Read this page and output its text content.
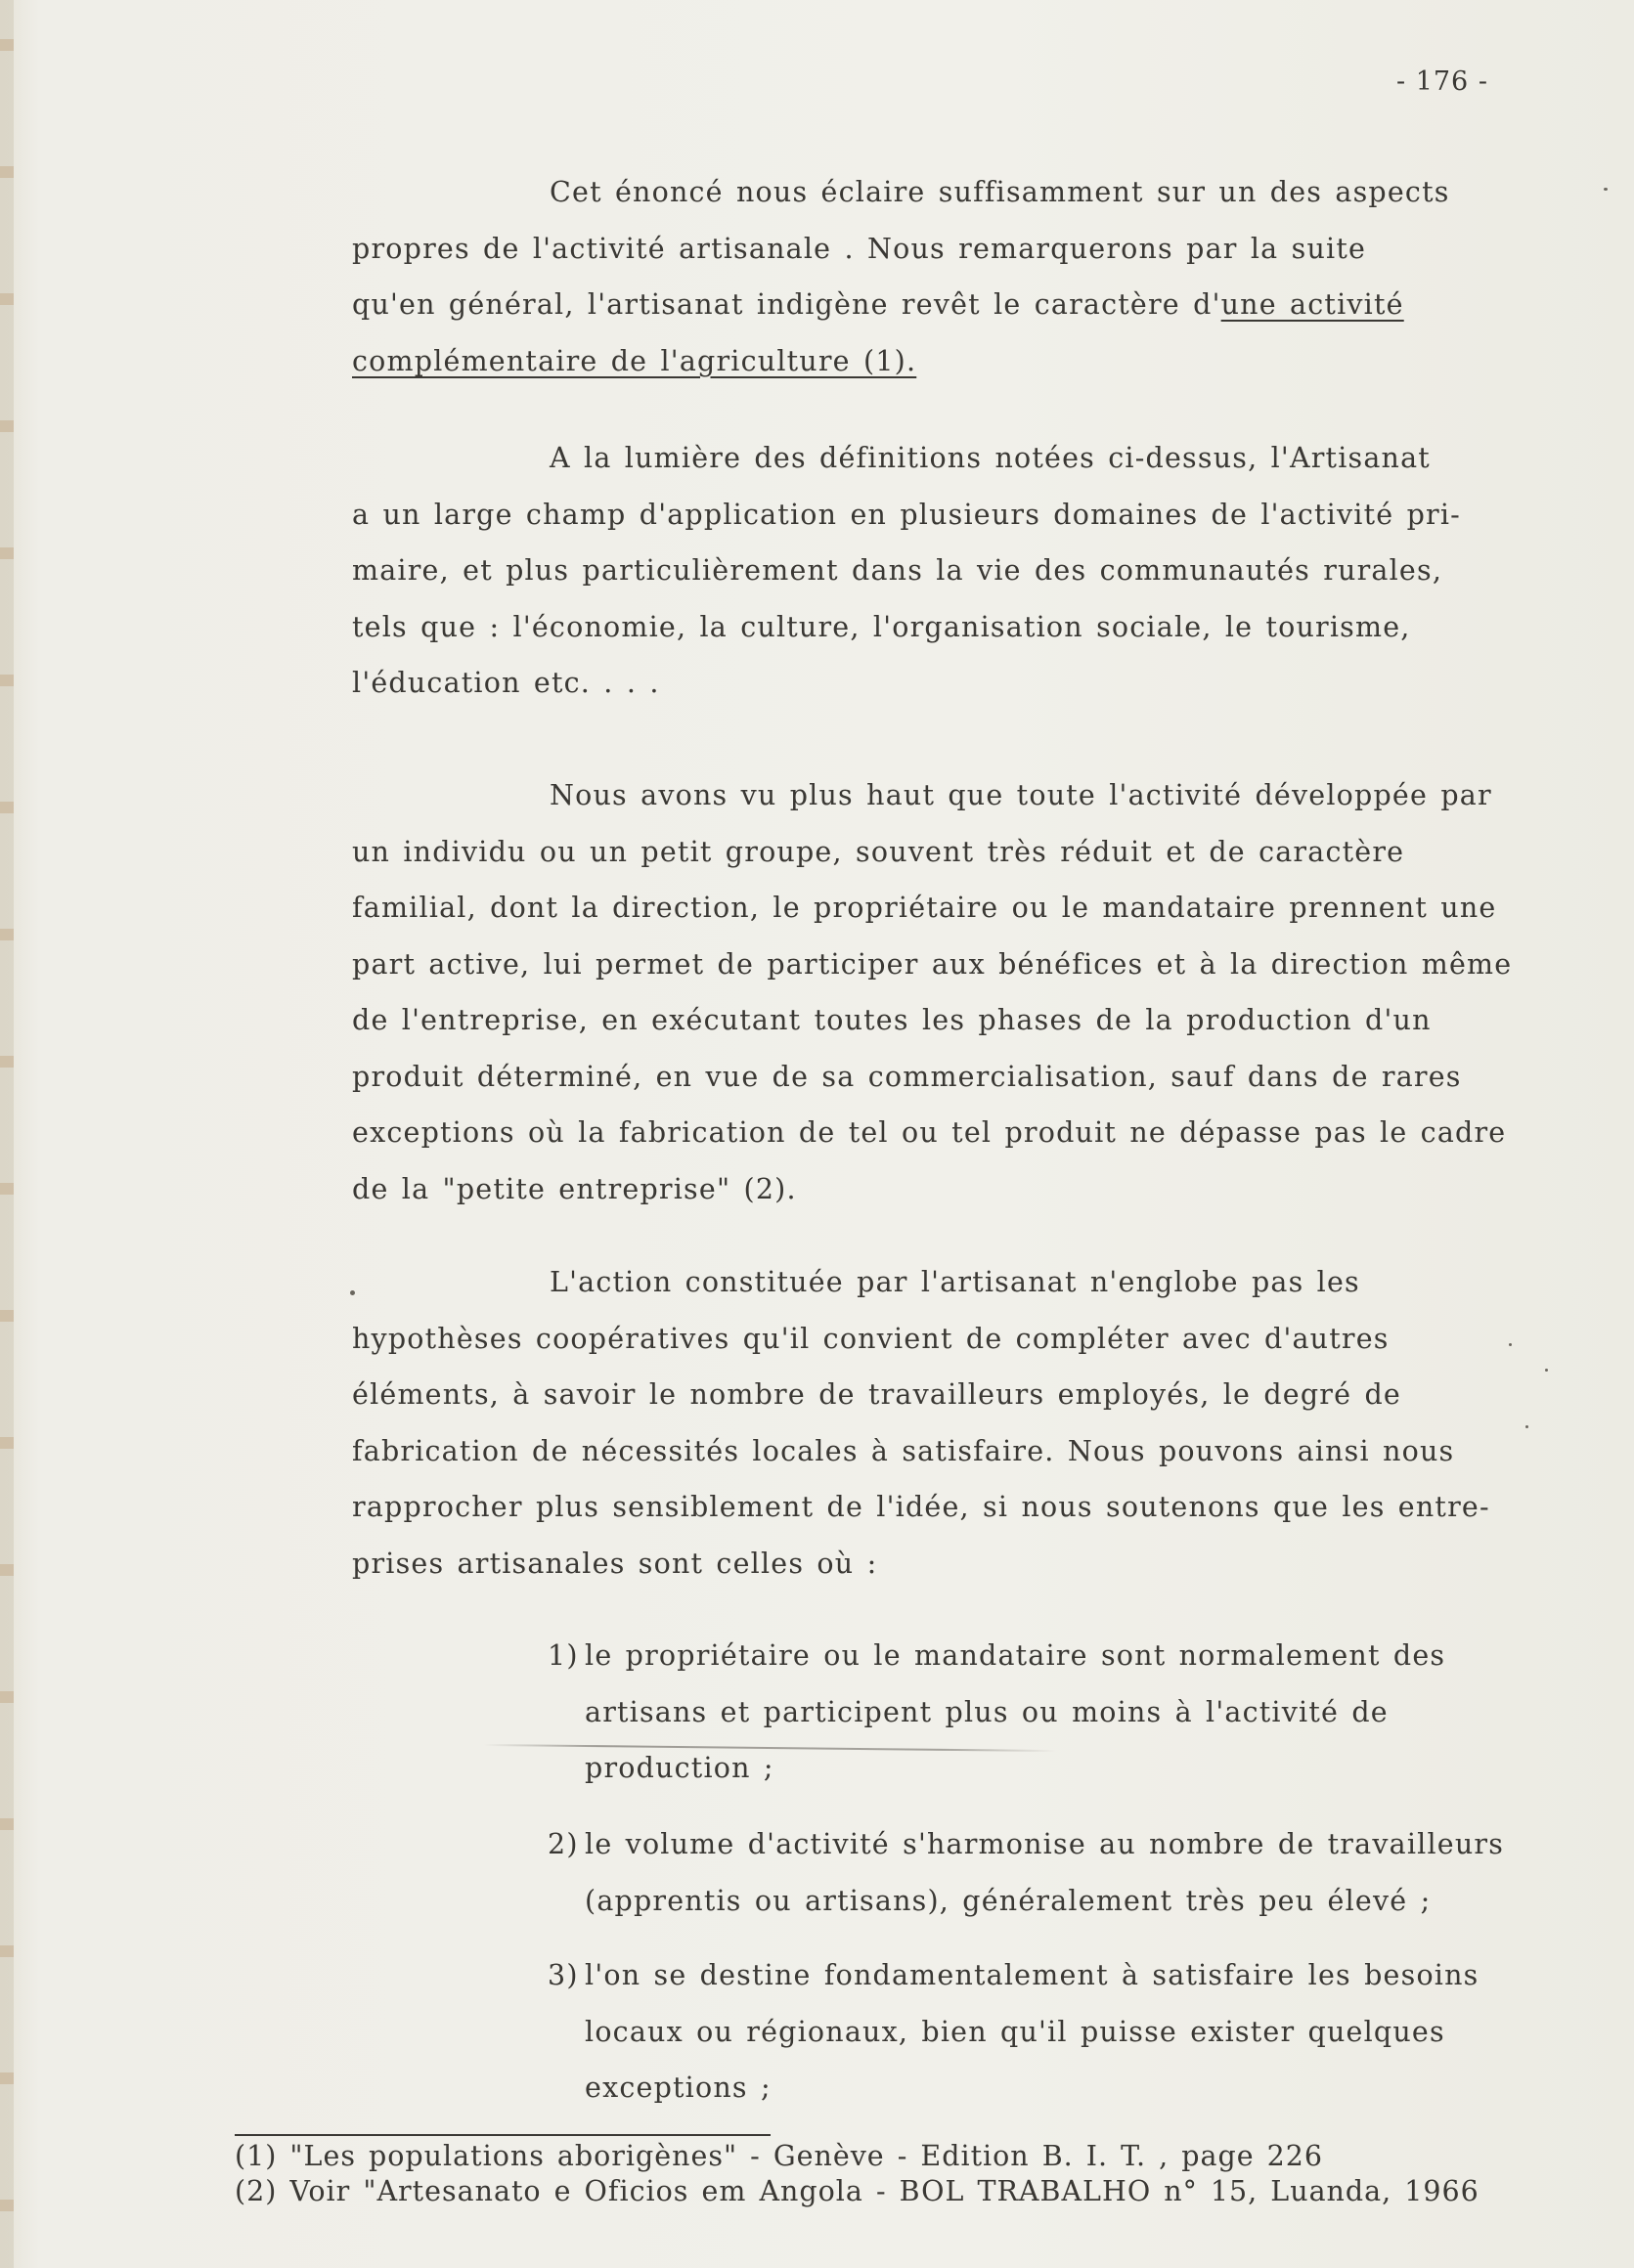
- 176 -
Cet énoncé nous éclaire suffisamment sur un des aspects
propres de l'activité artisanale . Nous remarquerons par la suite
qu'en général, l'artisanat indigène revêt le caractère d'une activité
complémentaire de l'agriculture (1).
A la lumière des définitions notées ci-dessus, l'Artisanat
a un large champ d'application en plusieurs domaines de l'activité pri-
maire, et plus particulièrement dans la vie des communautés rurales,
tels que : l'économie, la culture, l'organisation sociale, le tourisme,
l'éducation etc. . . .
Nous avons vu plus haut que toute l'activité développée par
un individu ou un petit groupe, souvent très réduit et de caractère
familial, dont la direction, le propriétaire ou le mandataire prennent une
part active, lui permet de participer aux bénéfices et à la direction même
de l'entreprise, en exécutant toutes les phases de la production d'un
produit déterminé, en vue de sa commercialisation, sauf dans de rares
exceptions où la fabrication de tel ou tel produit ne dépasse pas le cadre
de la "petite entreprise" (2).
L'action constituée par l'artisanat n'englobe pas les
hypothèses coopératives qu'il convient de compléter avec d'autres
éléments, à savoir le nombre de travailleurs employés, le degré de
fabrication de nécessités locales à satisfaire. Nous pouvons ainsi nous
rapprocher plus sensiblement de l'idée, si nous soutenons que les entre-
prises artisanales sont celles où :
1) le propriétaire ou le mandataire sont normalement des
artisans et participent plus ou moins à l'activité de
production ;
2) le volume d'activité s'harmonise au nombre de travailleurs
(apprentis ou artisans), généralement très peu élevé ;
3) l'on se destine fondamentalement à satisfaire les besoins
locaux ou régionaux, bien qu'il puisse exister quelques
exceptions ;
(1) "Les populations aborigènes" - Genève - Edition B. I. T. , page 226
(2) Voir "Artesanato e Oficios em Angola - BOL TRABALHO n° 15, Luanda, 1966
